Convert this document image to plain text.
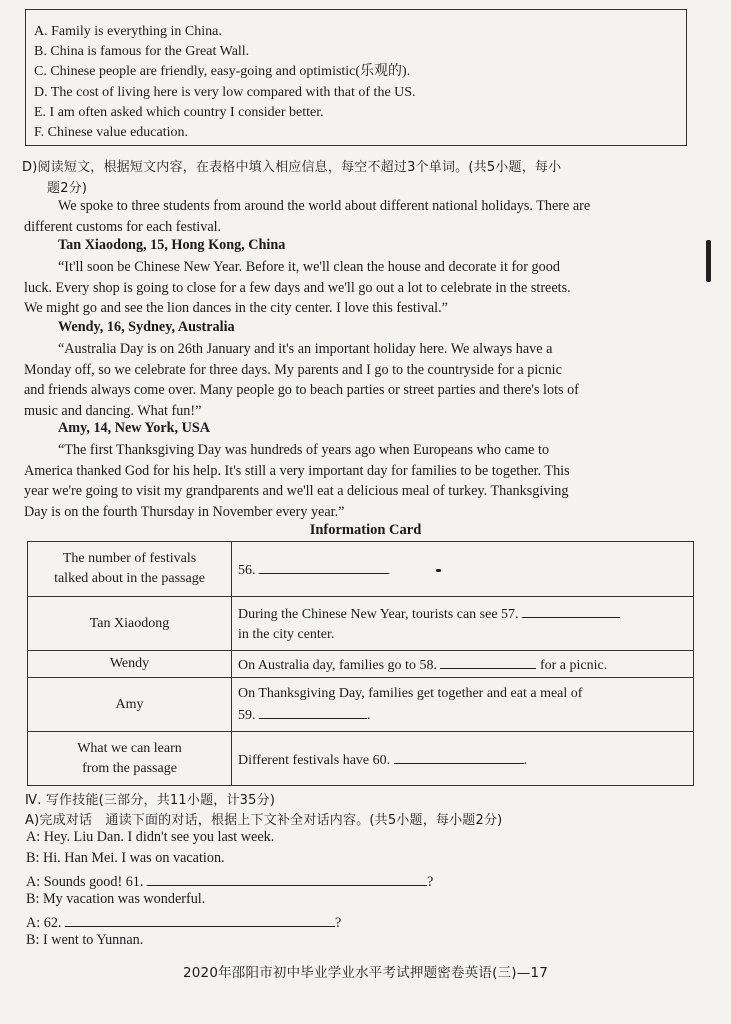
A. Family is everything in China.
B. China is famous for the Great Wall.
C. Chinese people are friendly, easy-going and optimistic(乐观的).
D. The cost of living here is very low compared with that of the US.
E. I am often asked which country I consider better.
F. Chinese value education.
D)阅读短文，根据短文内容，在表格中填入相应信息，每空不超过3个单词。(共5小题，每小
题2分)
We spoke to three students from around the world about different national holidays. There are
different customs for each festival.
Tan Xiaodong, 15, Hong Kong, China
“It'll soon be Chinese New Year. Before it, we'll clean the house and decorate it for good
luck. Every shop is going to close for a few days and we'll go out a lot to celebrate in the streets.
We might go and see the lion dances in the city center. I love this festival.”
Wendy, 16, Sydney, Australia
“Australia Day is on 26th January and it's an important holiday here. We always have a
Monday off, so we celebrate for three days. My parents and I go to the countryside for a picnic
and friends always come over. Many people go to beach parties or street parties and there's lots of
music and dancing. What fun!”
Amy, 14, New York, USA
“The first Thanksgiving Day was hundreds of years ago when Europeans who came to
America thanked God for his help. It's still a very important day for families to be together. This
year we're going to visit my grandparents and we'll eat a delicious meal of turkey. Thanksgiving
Day is on the fourth Thursday in November every year.”
Information Card
The number of festivals
talked about in the passage	56.
Tan Xiaodong	During the Chinese New Year, tourists can see 57.
in the city center.
Wendy	On Australia day, families go to 58. for a picnic.
Amy	On Thanksgiving Day, families get together and eat a meal of
59. .
What we can learn
from the passage	Different festivals have 60. .
Ⅳ. 写作技能(三部分，共11小题，计35分)
A)完成对话　通读下面的对话，根据上下文补全对话内容。(共5小题，每小题2分)
A: Hey. Liu Dan. I didn't see you last week.
B: Hi. Han Mei. I was on vacation.
A: Sounds good! 61.	?
B: My vacation was wonderful.
A: 62.	?
B: I went to Yunnan.
2020年邵阳市初中毕业学业水平考试押题密卷英语(三)—17
